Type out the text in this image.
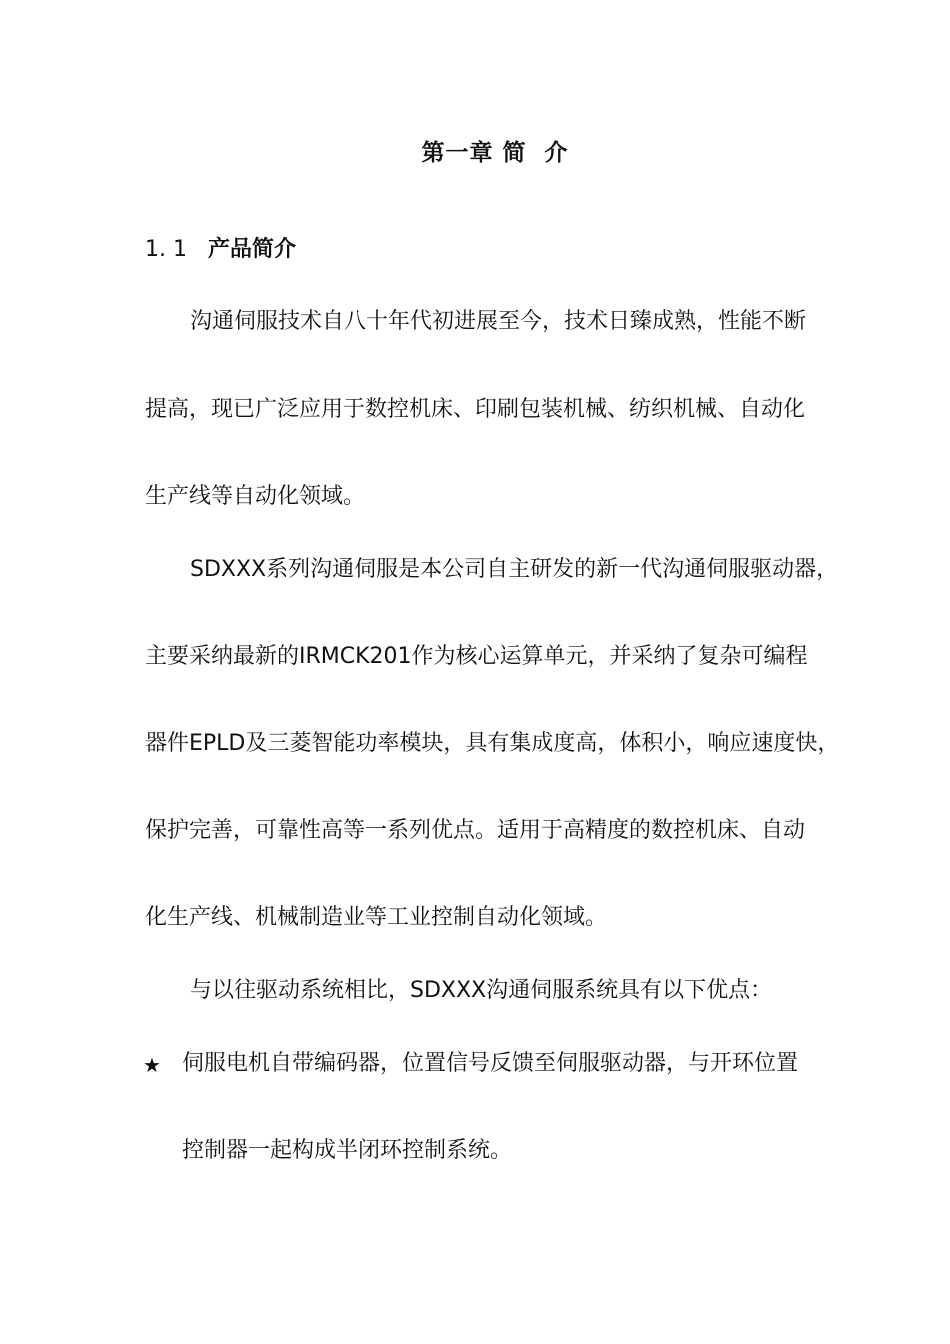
第一章 简  介
1. 1 产品简介
沟通伺服技术自八十年代初进展至今，技术日臻成熟，性能不断
提高，现已广泛应用于数控机床、印刷包装机械、纺织机械、自动化
生产线等自动化领域。
SDXXX系列沟通伺服是本公司自主研发的新一代沟通伺服驱动器，
主要采纳最新的IRMCK201作为核心运算单元，并采纳了复杂可编程
器件EPLD及三菱智能功率模块，具有集成度高，体积小，响应速度快，
保护完善，可靠性高等一系列优点。适用于高精度的数控机床、自动
化生产线、机械制造业等工业控制自动化领域。
与以往驱动系统相比，SDXXX沟通伺服系统具有以下优点：
★ 伺服电机自带编码器，位置信号反馈至伺服驱动器，与开环位置
控制器一起构成半闭环控制系统。
